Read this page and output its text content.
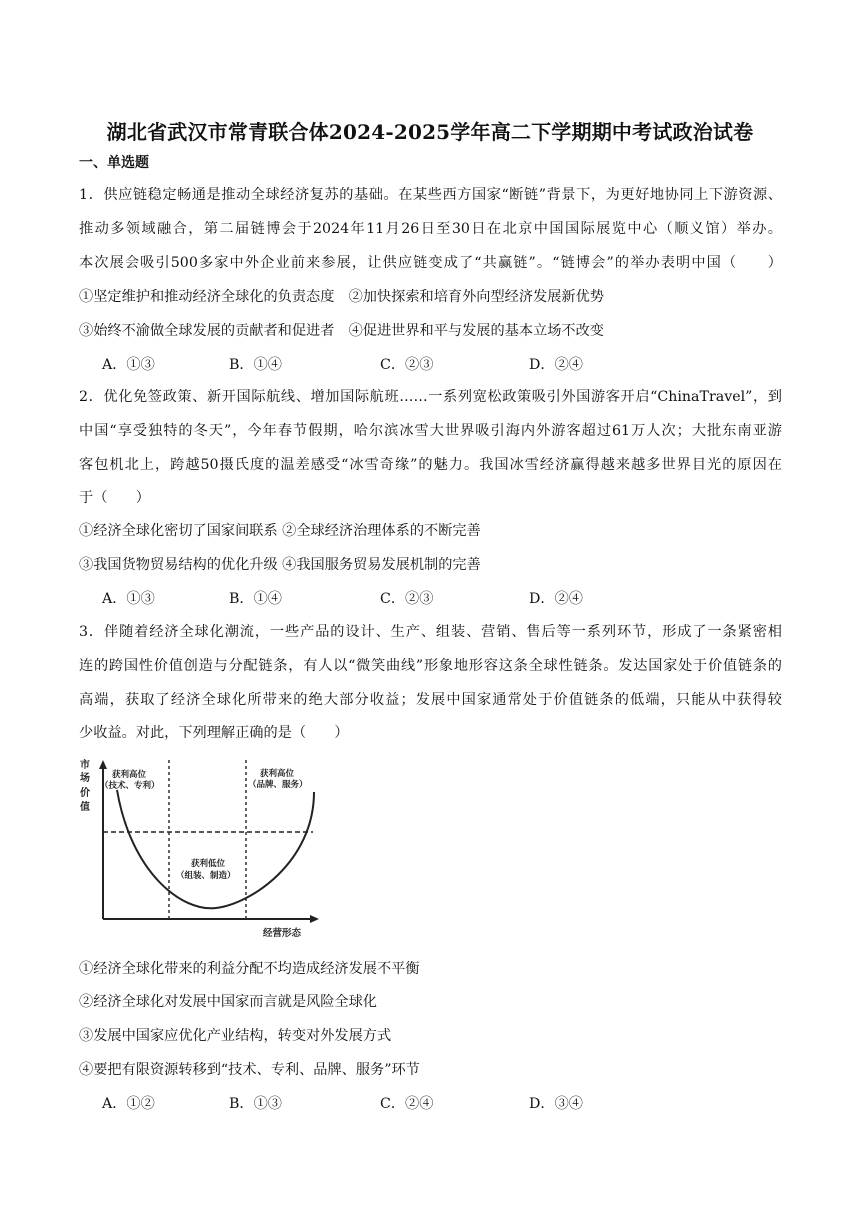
湖北省武汉市常青联合体2024-2025学年高二下学期期中考试政治试卷
一、单选题
1．供应链稳定畅通是推动全球经济复苏的基础。在某些西方国家“断链”背景下，为更好地协同上下游资源、
推动多领域融合，第二届链博会于2024年11月26日至30日在北京中国国际展览中心（顺义馆）举办。
本次展会吸引500多家中外企业前来参展，让供应链变成了“共赢链”。“链博会”的举办表明中国（　　）
①坚定维护和推动经济全球化的负责态度　②加快探索和培育外向型经济发展新优势
③始终不渝做全球发展的贡献者和促进者　④促进世界和平与发展的基本立场不改变
A．①③	B．①④	C．②③	D．②④
2．优化免签政策、新开国际航线、增加国际航班……一系列宽松政策吸引外国游客开启“ChinaTravel”，到
中国“享受独特的冬天”，今年春节假期，哈尔滨冰雪大世界吸引海内外游客超过61万人次；大批东南亚游
客包机北上，跨越50摄氏度的温差感受“冰雪奇缘”的魅力。我国冰雪经济赢得越来越多世界目光的原因在
于（　　）
①经济全球化密切了国家间联系 ②全球经济治理体系的不断完善
③我国货物贸易结构的优化升级 ④我国服务贸易发展机制的完善
A．①③	B．①④	C．②③	D．②④
3．伴随着经济全球化潮流，一些产品的设计、生产、组装、营销、售后等一系列环节，形成了一条紧密相
连的跨国性价值创造与分配链条，有人以“微笑曲线”形象地形容这条全球性链条。发达国家处于价值链条的
高端，获取了经济全球化所带来的绝大部分收益；发展中国家通常处于价值链条的低端，只能从中获得较
少收益。对此，下列理解正确的是（　　）
市
场
价
值
获利高位
（技术、专利）
获利高位
（品牌、服务）
获利低位
（组装、制造）
经营形态
①经济全球化带来的利益分配不均造成经济发展不平衡
②经济全球化对发展中国家而言就是风险全球化
③发展中国家应优化产业结构，转变对外发展方式
④要把有限资源转移到“技术、专利、品牌、服务”环节
A．①②	B．①③	C．②④	D．③④
